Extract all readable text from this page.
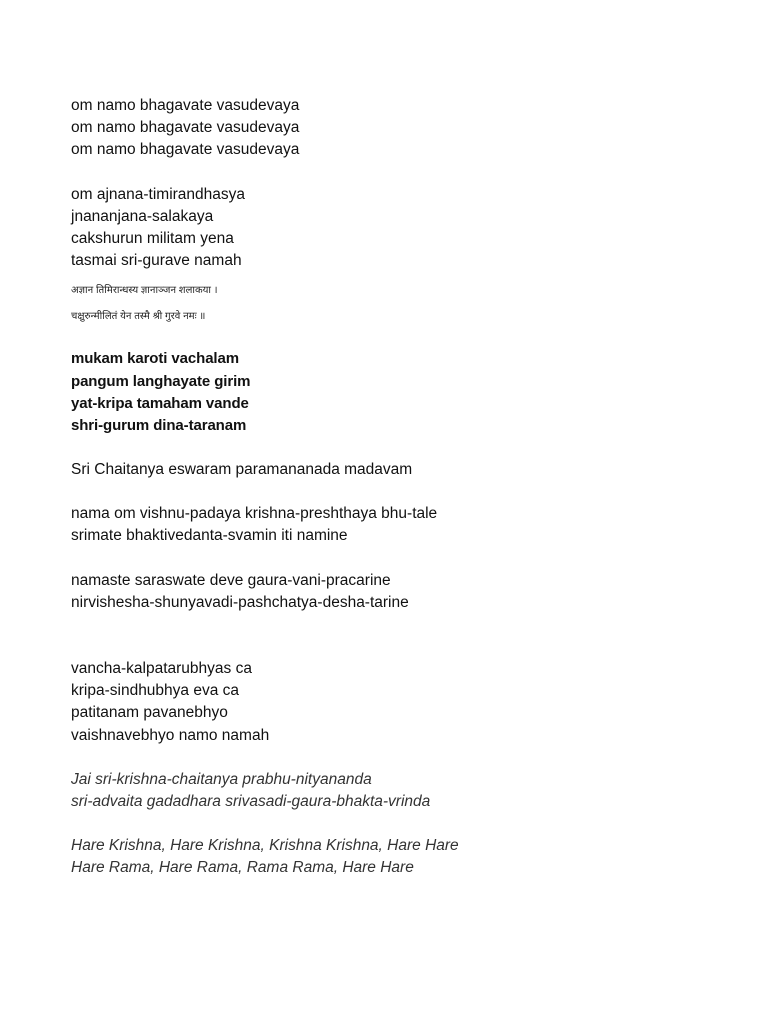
om namo bhagavate vasudevaya
om namo bhagavate vasudevaya
om namo bhagavate vasudevaya
om ajnana-timirandhasya
jnananjana-salakaya
cakshurun militam yena
tasmai sri-gurave namah
अज्ञान तिमिरान्धस्य ज्ञानाञ्जन शलाकया ।
चक्षुरुन्मीलितं येन तस्मै श्री गुरवे नमः ॥
mukam karoti vachalam
pangum langhayate girim
yat-kripa tamaham vande
shri-gurum dina-taranam
Sri Chaitanya eswaram paramananada madavam
nama om vishnu-padaya krishna-preshthaya bhu-tale
srimate bhaktivedanta-svamin iti namine
namaste saraswate deve gaura-vani-pracarine
nirvishesha-shunyavadi-pashchatya-desha-tarine
vancha-kalpatarubhyas ca
kripa-sindhubhya eva ca
patitanam pavanebhyo
vaishnavebhyo namo namah
Jai sri-krishna-chaitanya prabhu-nityananda
sri-advaita gadadhara srivasadi-gaura-bhakta-vrinda
Hare Krishna, Hare Krishna, Krishna Krishna, Hare Hare
Hare Rama, Hare Rama, Rama Rama, Hare Hare
